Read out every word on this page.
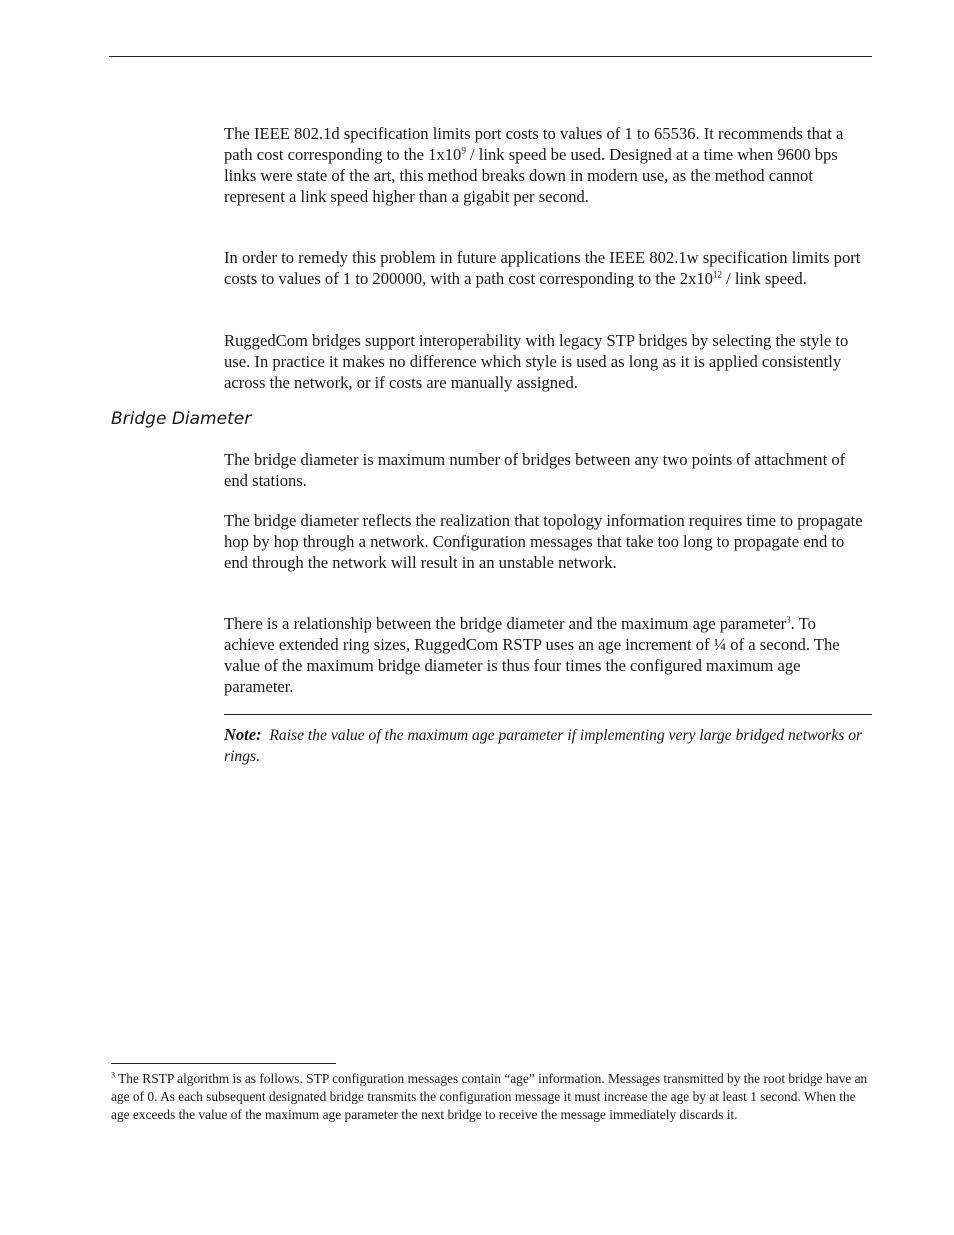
The IEEE 802.1d specification limits port costs to values of 1 to 65536. It recommends that a path cost corresponding to the $1x10^9$ / link speed be used. Designed at a time when 9600 bps links were state of the art, this method breaks down in modern use, as the method cannot represent a link speed higher than a gigabit per second.

In order to remedy this problem in future applications the IEEE 802.1w specification limits port costs to values of 1 to 200000, with a path cost corresponding to the $2x10^{12}$ / link speed.

RuggedCom bridges support interoperability with legacy STP bridges by selecting the style to use. In practice it makes no difference which style is used as long as it is applied consistently across the network, or if costs are manually assigned.

Bridge Diameter

The bridge diameter is maximum number of bridges between any two points of attachment of end stations.

The bridge diameter reflects the realization that topology information requires time to propagate hop by hop through a network. Configuration messages that take too long to propagate end to end through the network will result in an unstable network.

There is a relationship between the bridge diameter and the maximum age parameter$^3$. To achieve extended ring sizes, RuggedCom RSTP uses an age increment of ¼ of a second. The value of the maximum bridge diameter is thus four times the configured maximum age parameter.

Note: Raise the value of the maximum age parameter if implementing very large bridged networks or rings.
$^3$ The RSTP algorithm is as follows. STP configuration messages contain “age” information. Messages transmitted by the root bridge have an age of 0. As each subsequent designated bridge transmits the configuration message it must increase the age by at least 1 second. When the age exceeds the value of the maximum age parameter the next bridge to receive the message immediately discards it.
